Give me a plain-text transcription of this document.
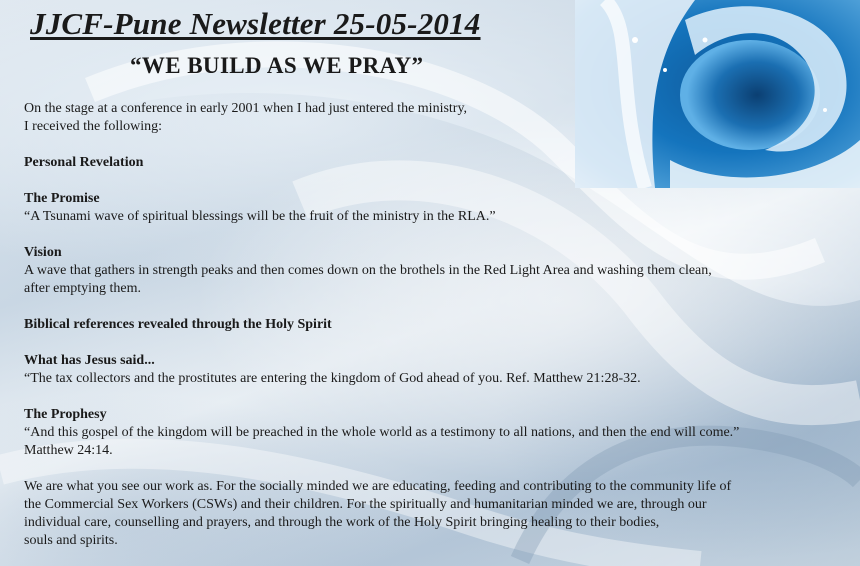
JJCF-Pune Newsletter 25-05-2014
“WE BUILD AS WE PRAY”

On the stage at a conference in early 2001 when I had just entered the ministry,

I received the following:

Personal Revelation

The Promise

“A Tsunami wave of spiritual blessings will be the fruit of the ministry in the RLA.”

Vision

A wave that gathers in strength peaks and then comes down on the brothels in the Red Light Area and washing them clean,

after emptying them.

Biblical references revealed through the Holy Spirit

What has Jesus said...

“The tax collectors and the prostitutes are entering the kingdom of God ahead of you. Ref. Matthew 21:28-32.

The Prophesy

“And this gospel of the kingdom will be preached in the whole world as a testimony to all nations, and then the end will come.”

Matthew 24:14.

We are what you see our work as. For the socially minded we are educating, feeding and contributing to the community life of

the Commercial Sex Workers (CSWs) and their children. For the spiritually and humanitarian minded we are, through our

individual care, counselling and prayers, and through the work of the Holy Spirit bringing healing to their bodies,

souls and spirits.
